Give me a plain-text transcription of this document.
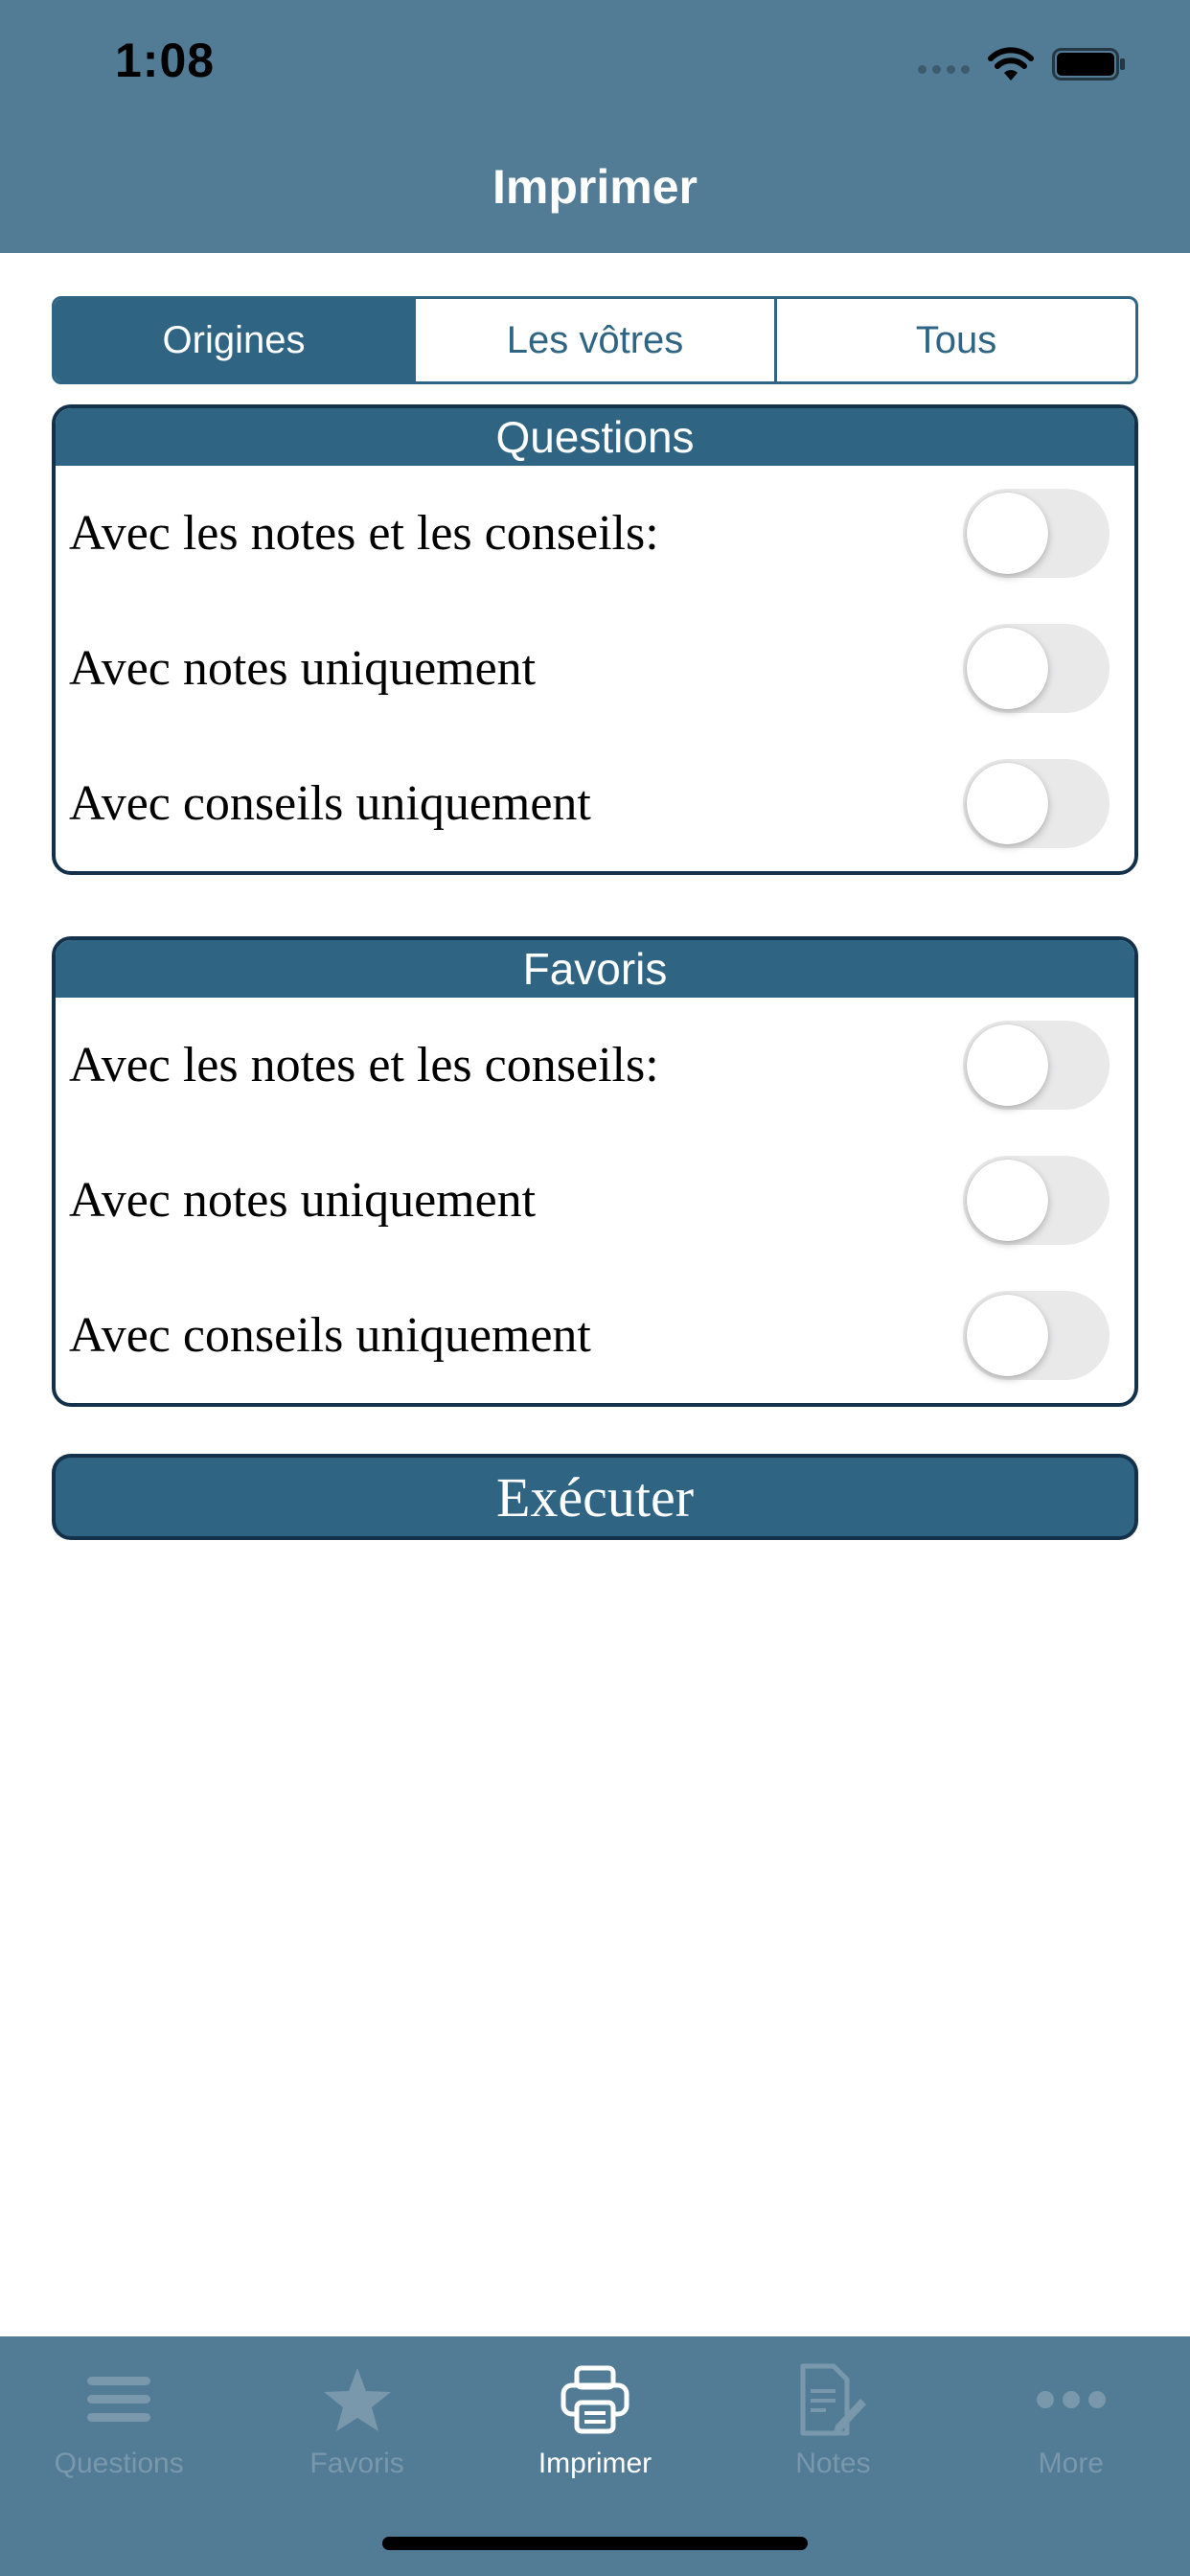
1:08
Imprimer
Origines	Les vôtres	Tous
Questions
Avec les notes et les conseils:
Avec notes uniquement
Avec conseils uniquement
Favoris
Avec les notes et les conseils:
Avec notes uniquement
Avec conseils uniquement
Exécuter
Questions	Favoris	Imprimer	Notes	More
